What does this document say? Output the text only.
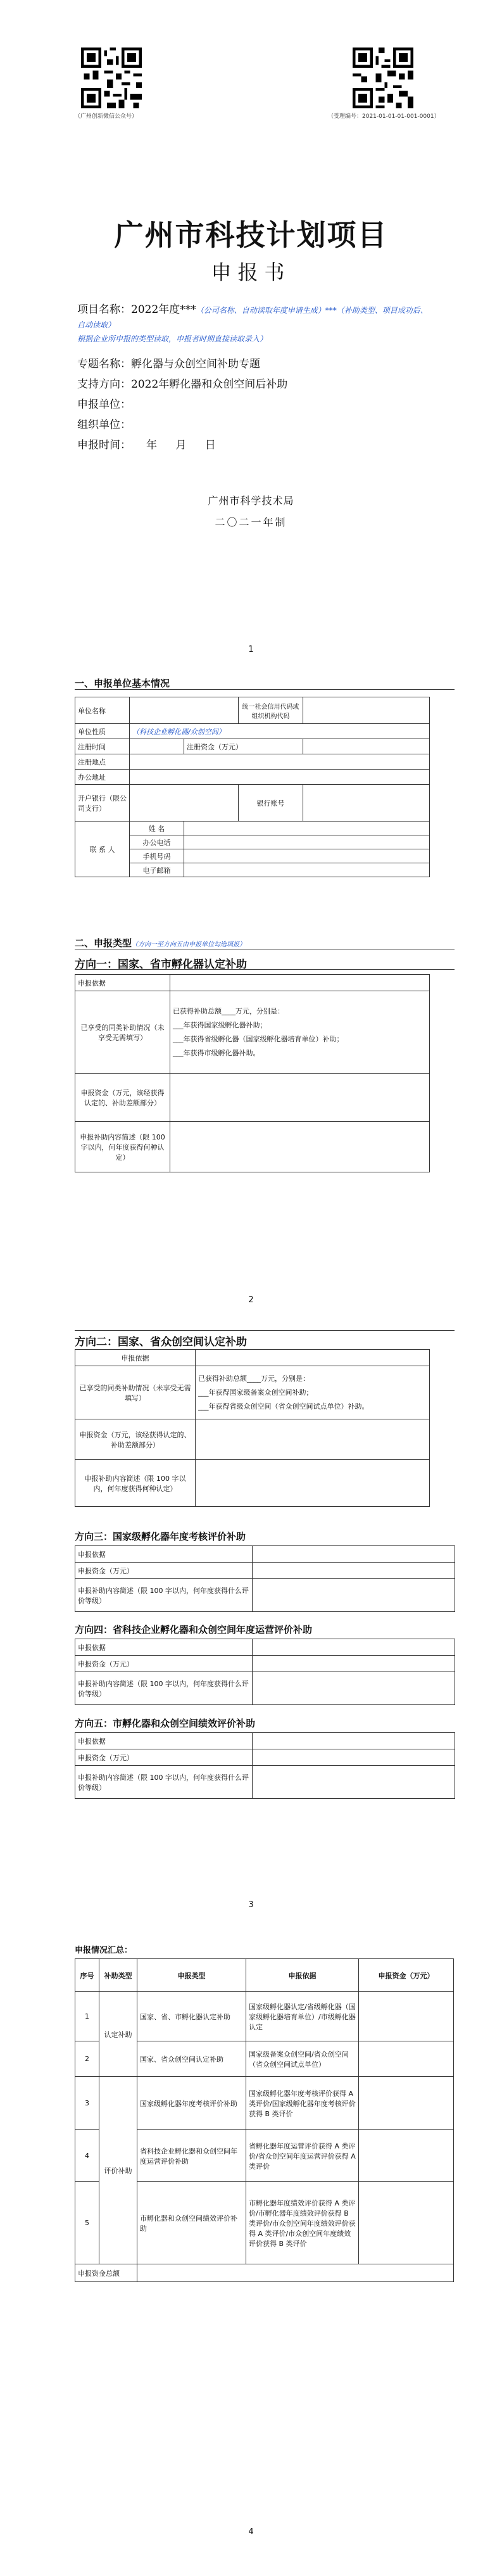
（广州创新微信公众号）	（受理编号：2021-01-01-01-001-0001）
广州市科技计划项目
申报书
项目名称：2022年度***（公司名称、自动读取年度申请生成）***（补助类型、项目成功后、 自动读取）
根据企业所申报的类型读取，申报者时期直接读取录入）
专题名称：孵化器与众创空间补助专题
支持方向：2022年孵化器和众创空间后补助
申报单位：
组织单位：
申报时间： 年 月 日
广州市科学技术局
二〇二一年制
1
一、申报单位基本情况
单位名称			统一社会信用代码或组织机构代码	
单位性质	（科技企业孵化器/众创空间）			
注册时间		注册资金（万元）		
注册地点				
办公地址				
开户银行（限公司支行）			银行账号	
联 系 人	姓 名			
	办公电话			
	手机号码			
	电子邮箱			
二、申报类型（方向一至方向五由申报单位勾选填报）
方向一：国家、省市孵化器认定补助
申报依据	
已享受的同类补助情况（未享受无需填写）	已获得补助总额____万元，分别是：
___年获得国家级孵化器补助；
___年获得省级孵化器（国家级孵化器培育单位）补助；
___年获得市级孵化器补助。

申报资金（万元，该经获得认定的、补助差额部分）	
申报补助内容简述（限 100 字以内，何年度获得何种认定）	
2
方向二：国家、省众创空间认定补助
申报依据	
已享受的同类补助情况（未享受无需填写）	已获得补助总额____万元，分别是：
___年获得国家级备案众创空间补助；
___年获得省级众创空间（省众创空间试点单位）补助。

申报资金（万元，该经获得认定的、补助差额部分）	
申报补助内容简述（限 100 字以内，何年度获得何种认定）	
方向三：国家级孵化器年度考核评价补助
申报依据	
申报资金（万元）	
申报补助内容简述（限 100 字以内，何年度获得什么评价等级）	
方向四：省科技企业孵化器和众创空间年度运营评价补助
申报依据	
申报资金（万元）	
申报补助内容简述（限 100 字以内，何年度获得什么评价等级）	
方向五：市孵化器和众创空间绩效评价补助
申报依据	
申报资金（万元）	
申报补助内容简述（限 100 字以内，何年度获得什么评价等级）	
3
申报情况汇总：
序号	补助类型	申报类型	申报依据	申报资金（万元）
1	认定补助	国家、省、市孵化器认定补助	国家级孵化器认定/省级孵化器（国家级孵化器培育单位）/市级孵化器认定	
2		国家、省众创空间认定补助	国家级备案众创空间/省众创空间（省众创空间试点单位）	
3	评价补助	国家级孵化器年度考核评价补助	国家级孵化器年度考核评价获得 A 类评价/国家级孵化器年度考核评价获得 B 类评价	
4		省科技企业孵化器和众创空间年度运营评价补助	省孵化器年度运营评价获得 A 类评价/省众创空间年度运营评价获得 A 类评价	
5		市孵化器和众创空间绩效评价补助	市孵化器年度绩效评价获得 A 类评价/市孵化器年度绩效评价获得 B 类评价/市众创空间年度绩效评价获得 A 类评价/市众创空间年度绩效评价获得 B 类评价	
申报资金总额				
4
